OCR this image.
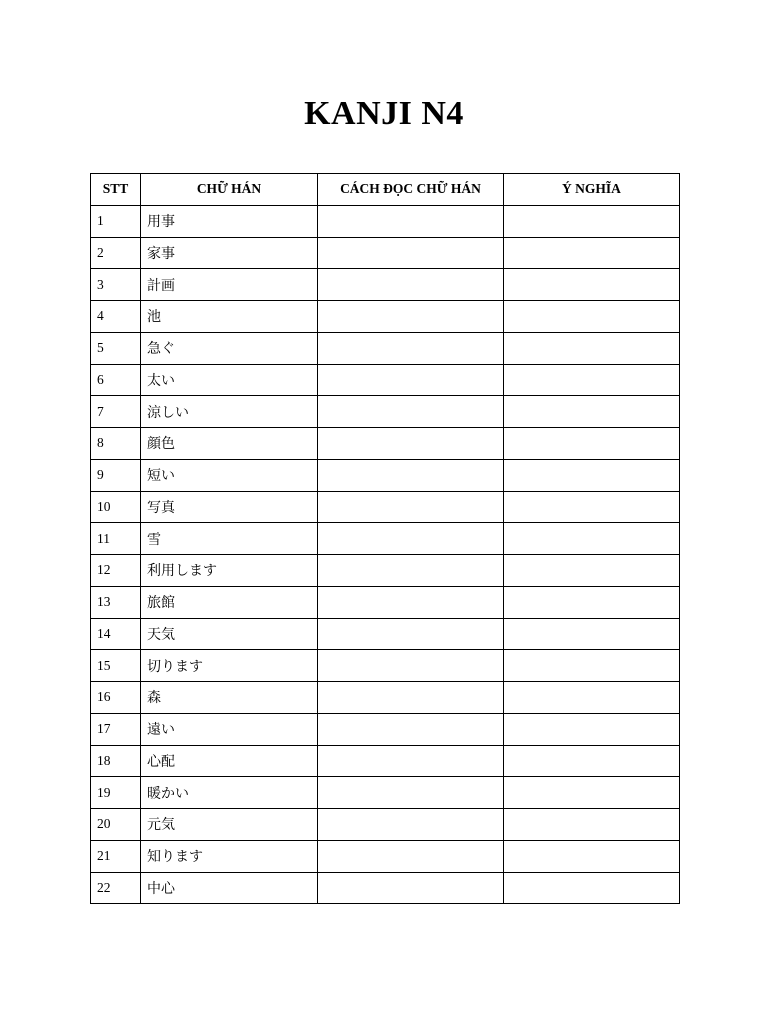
KANJI N4
STT	CHỮ HÁN	CÁCH ĐỌC CHỮ HÁN	Ý NGHĨA
1	用事		
2	家事		
3	計画		
4	池		
5	急ぐ		
6	太い		
7	涼しい		
8	顔色		
9	短い		
10	写真		
11	雪		
12	利用します		
13	旅館		
14	天気		
15	切ります		
16	森		
17	遠い		
18	心配		
19	暖かい		
20	元気		
21	知ります		
22	中心		
